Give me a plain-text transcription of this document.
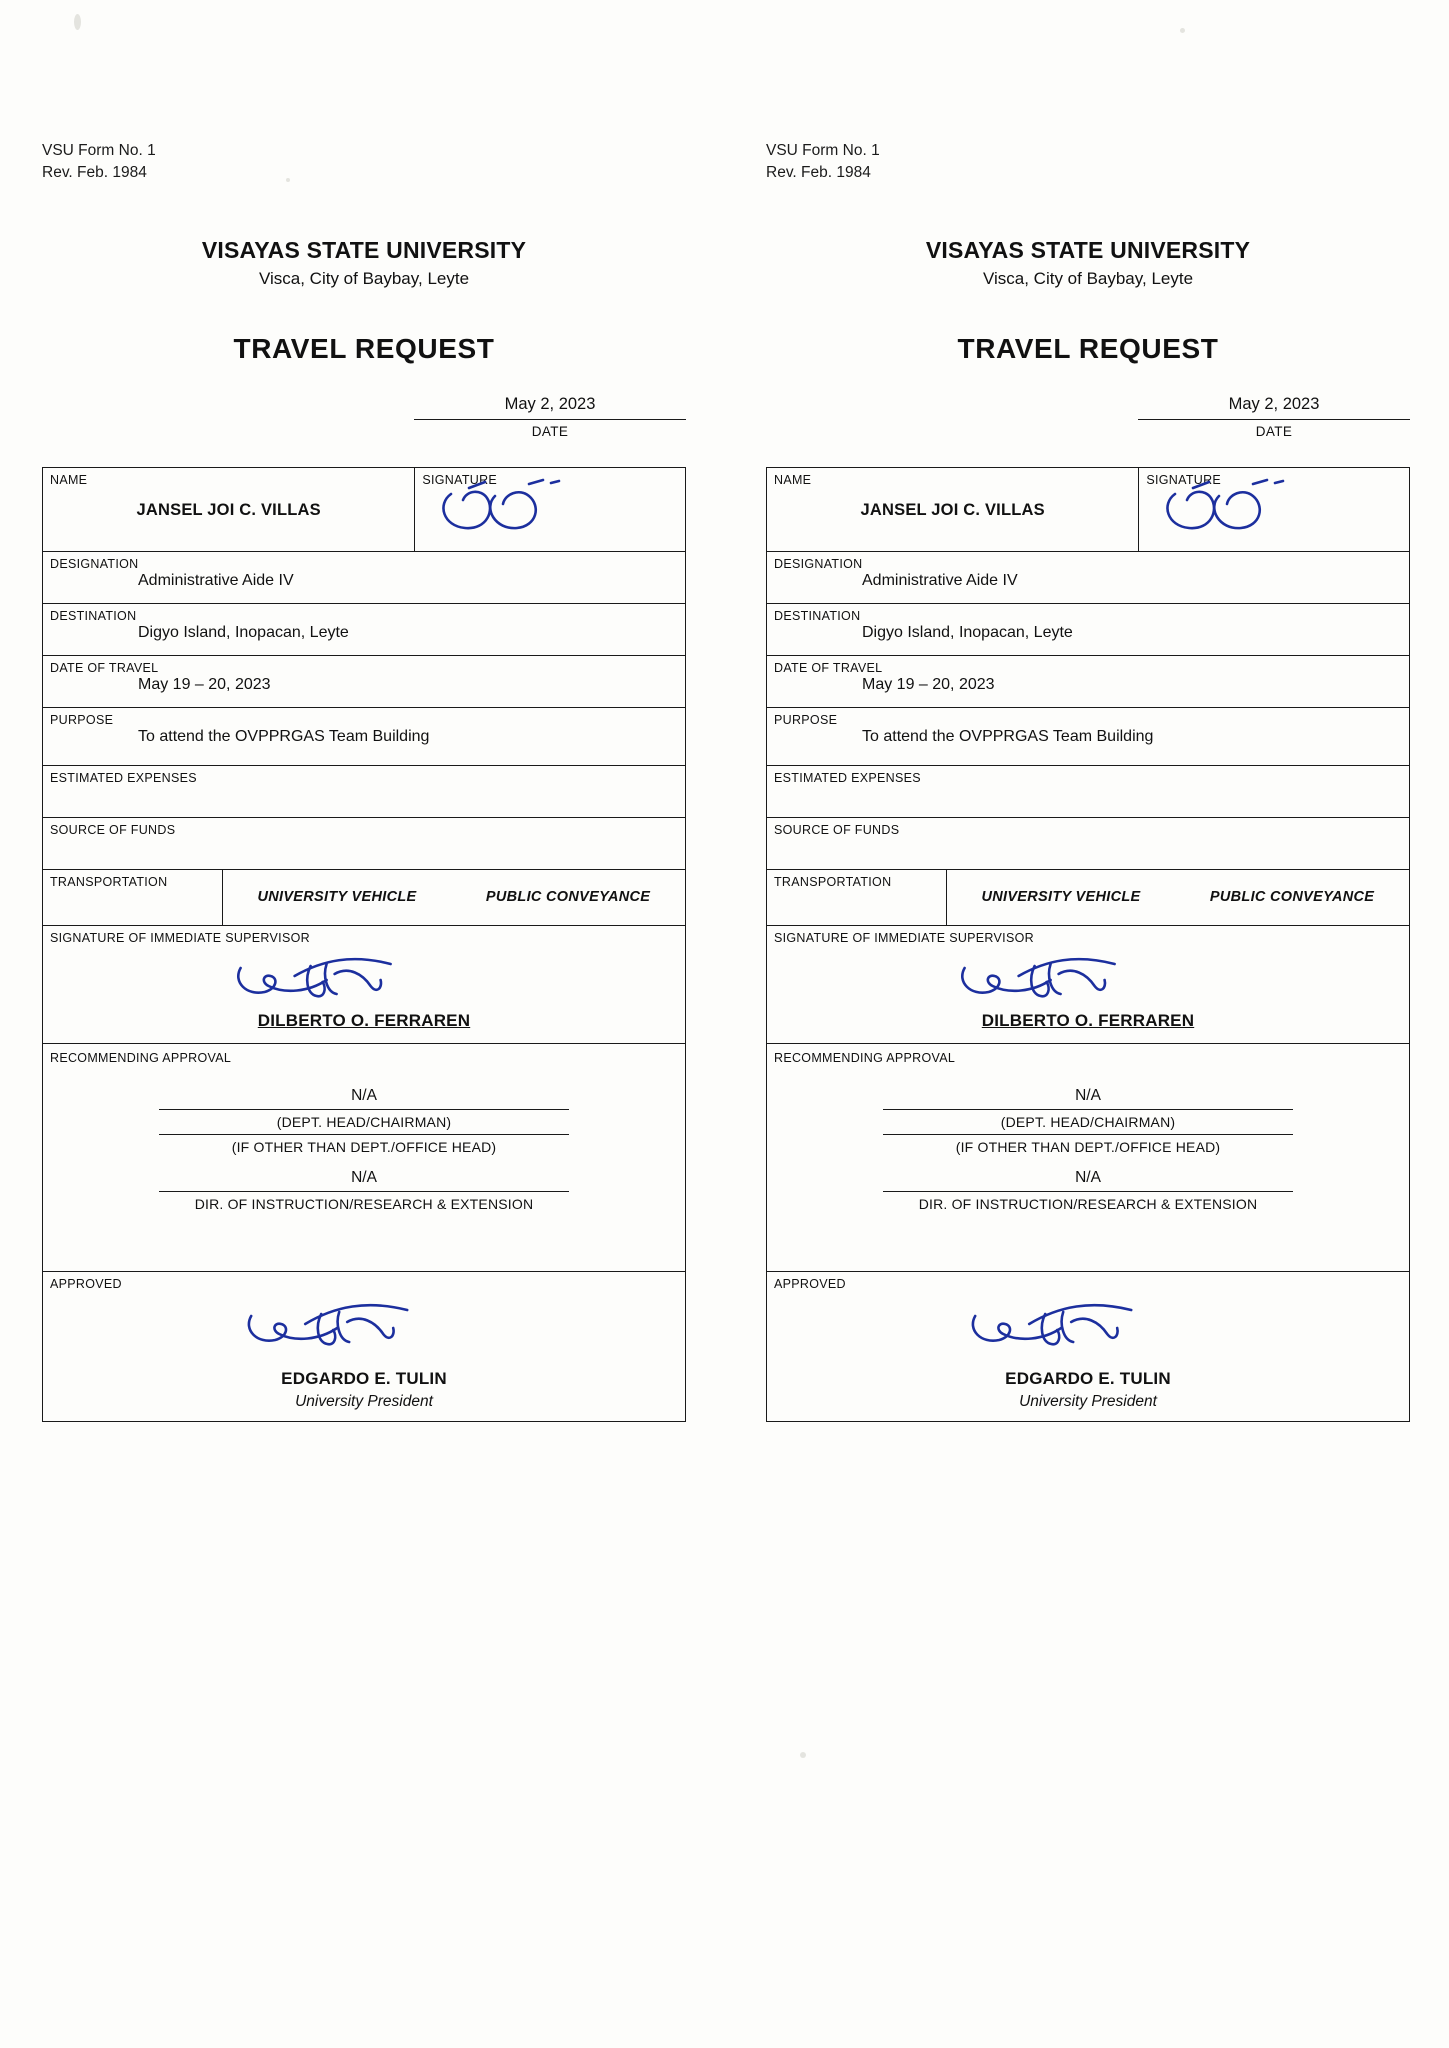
VSU Form No. 1
Rev. Feb. 1984
VISAYAS STATE UNIVERSITY
Visca, City of Baybay, Leyte
TRAVEL REQUEST
May 2, 2023
DATE
NAME
JANSEL JOI C. VILLAS
SIGNATURE
DESIGNATION
Administrative Aide IV
DESTINATION
Digyo Island, Inopacan, Leyte
DATE OF TRAVEL
May 19 – 20, 2023
PURPOSE
To attend the OVPPRGAS Team Building
ESTIMATED EXPENSES
SOURCE OF FUNDS
TRANSPORTATION
UNIVERSITY VEHICLE	PUBLIC CONVEYANCE
SIGNATURE OF IMMEDIATE SUPERVISOR
DILBERTO O. FERRAREN
RECOMMENDING APPROVAL
N/A
(DEPT. HEAD/CHAIRMAN)
(IF OTHER THAN DEPT./OFFICE HEAD)
N/A
DIR. OF INSTRUCTION/RESEARCH & EXTENSION
APPROVED
EDGARDO E. TULIN
University President
VSU Form No. 1
Rev. Feb. 1984
VISAYAS STATE UNIVERSITY
Visca, City of Baybay, Leyte
TRAVEL REQUEST
May 2, 2023
DATE
NAME
JANSEL JOI C. VILLAS
SIGNATURE
DESIGNATION
Administrative Aide IV
DESTINATION
Digyo Island, Inopacan, Leyte
DATE OF TRAVEL
May 19 – 20, 2023
PURPOSE
To attend the OVPPRGAS Team Building
ESTIMATED EXPENSES
SOURCE OF FUNDS
TRANSPORTATION
UNIVERSITY VEHICLE	PUBLIC CONVEYANCE
SIGNATURE OF IMMEDIATE SUPERVISOR
DILBERTO O. FERRAREN
RECOMMENDING APPROVAL
N/A
(DEPT. HEAD/CHAIRMAN)
(IF OTHER THAN DEPT./OFFICE HEAD)
N/A
DIR. OF INSTRUCTION/RESEARCH & EXTENSION
APPROVED
EDGARDO E. TULIN
University President
